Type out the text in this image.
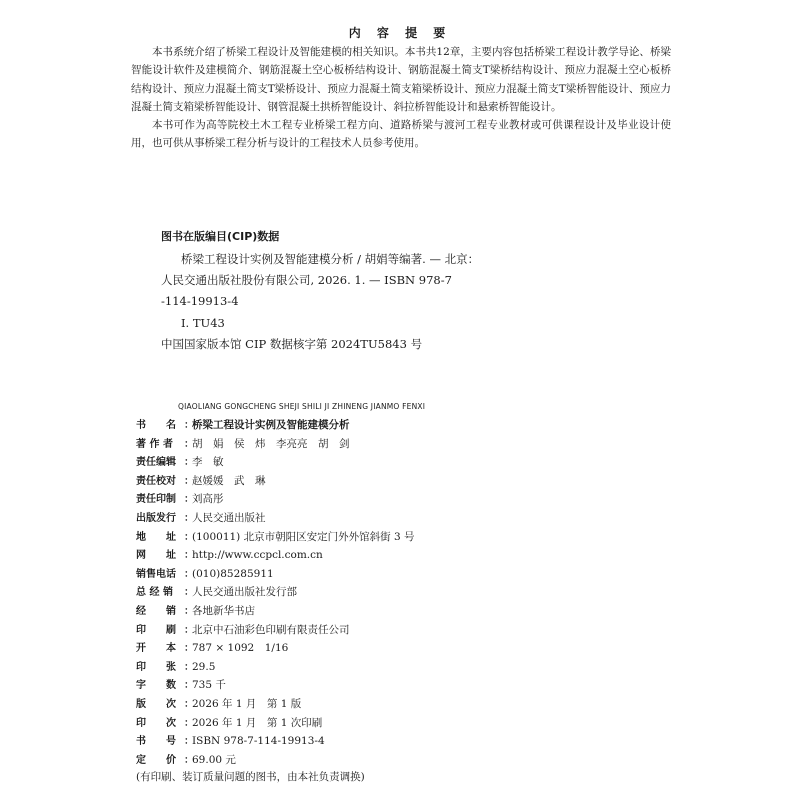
内 容 提 要

本书系统介绍了桥梁工程设计及智能建模的相关知识。本书共12章，主要内容包括桥梁工程设计教学导论、桥梁智能设计软件及建模简介、钢筋混凝土空心板桥结构设计、钢筋混凝土简支T梁桥结构设计、预应力混凝土空心板桥结构设计、预应力混凝土简支T梁桥设计、预应力混凝土简支箱梁桥设计、预应力混凝土简支T梁桥智能设计、预应力混凝土简支箱梁桥智能设计、钢管混凝土拱桥智能设计、斜拉桥智能设计和悬索桥智能设计。

本书可作为高等院校土木工程专业桥梁工程方向、道路桥梁与渡河工程专业教材或可供课程设计及毕业设计使用，也可供从事桥梁工程分析与设计的工程技术人员参考使用。

图书在版编目(CIP)数据
桥梁工程设计实例及智能建模分析 / 胡娟等编著. — 北京：
人民交通出版社股份有限公司, 2026. 1. — ISBN 978-7
-114-19913-4
Ⅰ. TU43
中国国家版本馆 CIP 数据核字第 2024TU5843 号
QIAOLIANG GONGCHENG SHEJI SHILI JI ZHINENG JIANMO FENXI
书　　名 ：
桥梁工程设计实例及智能建模分析
著 作 者 ：
胡　娟　侯　炜　李亮亮　胡　剑
责任编辑 ：
李　敏
责任校对 ：
赵媛媛　武　琳
责任印制 ：
刘高彤
出版发行 ：
人民交通出版社
地　　址 ：
(100011) 北京市朝阳区安定门外外馆斜街 3 号
网　　址 ：
http://www.ccpcl.com.cn
销售电话 ：
(010)85285911
总 经 销 ：
人民交通出版社发行部
经　　销 ：
各地新华书店
印　　刷 ：
北京中石油彩色印刷有限责任公司
开　　本 ：
787 × 1092　1/16
印　　张 ：
29.5
字　　数 ：
735 千
版　　次 ：
2026 年 1 月　第 1 版
印　　次 ：
2026 年 1 月　第 1 次印刷
书　　号 ：
ISBN 978-7-114-19913-4
定　　价 ：
69.00 元
(有印刷、装订质量问题的图书，由本社负责调换)
